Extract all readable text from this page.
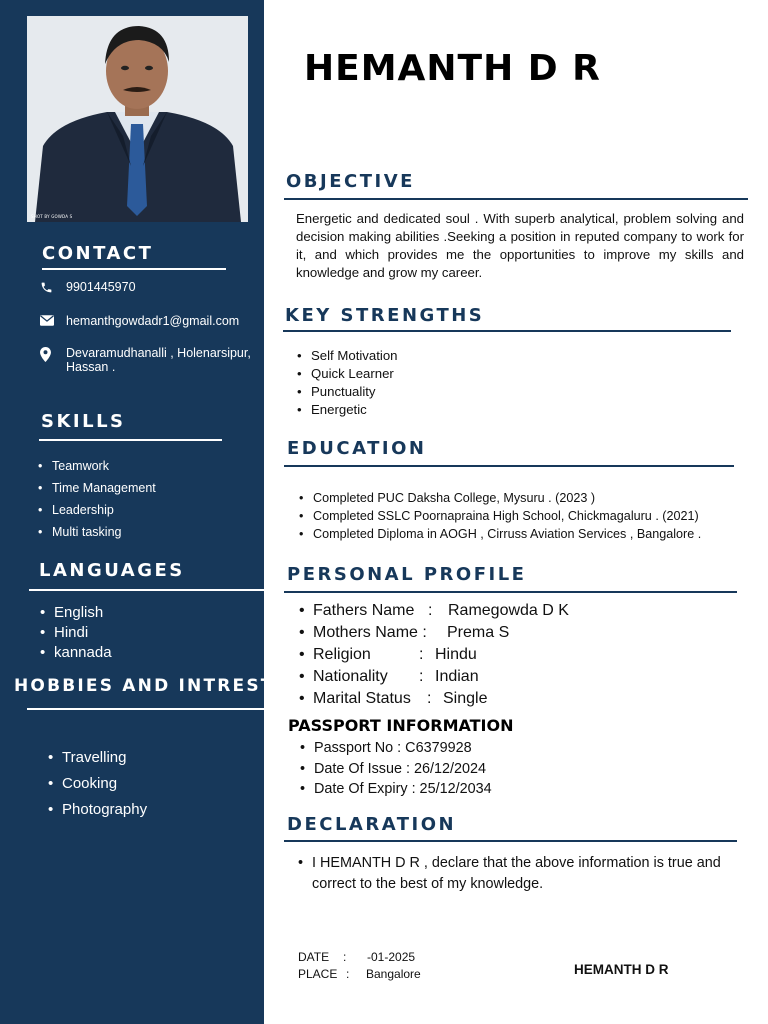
SHOT BY GOWDA S
CONTACT
9901445970
hemanthgowdadr1@gmail.com
Devaramudhanalli , Holenarsipur,
Hassan .
SKILLS
• Teamwork
• Time Management
• Leadership
• Multi tasking
LANGUAGES
• English
• Hindi
• kannada
HOBBIES AND INTREST
• Travelling
• Cooking
• Photography
HEMANTH D R
OBJECTIVE
Energetic and dedicated soul . With superb analytical, problem solving and decision making abilities .Seeking a position in reputed company to work for it, and which provides me the opportunities to improve my skills and knowledge and grow my career.
KEY STRENGTHS
• Self Motivation
• Quick Learner
• Punctuality
• Energetic
EDUCATION
• Completed PUC Daksha College, Mysuru . (2023 )
• Completed SSLC Poornapraina High School, Chickmagaluru . (2021)
• Completed Diploma in AOGH , Cirruss Aviation Services , Bangalore .
PERSONAL PROFILE
• Fathers Name : Ramegowda D K
• Mothers Name :	Prema S
• Religion	: Hindu
• Nationality	: Indian
• Marital Status	: Single
PASSPORT INFORMATION
• Passport No : C6379928
• Date Of Issue : 26/12/2024
• Date Of Expiry : 25/12/2034
DECLARATION
• I HEMANTH D R , declare that the above information is true and correct to the best of my knowledge.
DATE	:	-01-2025
PLACE :	Bangalore	HEMANTH D R
